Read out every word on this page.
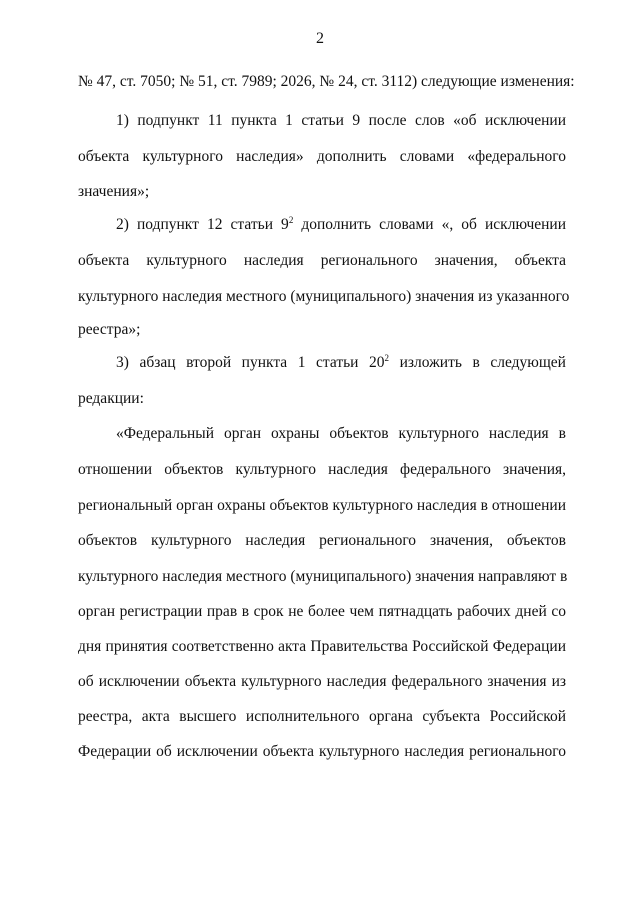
2
№ 47, ст. 7050; № 51, ст. 7989; 2026, № 24, ст. 3112) следующие изменения:
1) подпункт 11 пункта 1 статьи 9 после слов «об исключении
объекта культурного наследия» дополнить словами «федерального
значения»;
2) подпункт 12 статьи $9^2$ дополнить словами «, об исключении
объекта культурного наследия регионального значения, объекта
культурного наследия местного (муниципального) значения из указанного
реестра»;
3) абзац второй пункта 1 статьи $20^2$ изложить в следующей
редакции:
«Федеральный орган охраны объектов культурного наследия в
отношении объектов культурного наследия федерального значения,
региональный орган охраны объектов культурного наследия в отношении
объектов культурного наследия регионального значения, объектов
культурного наследия местного (муниципального) значения направляют в
орган регистрации прав в срок не более чем пятнадцать рабочих дней со
дня принятия соответственно акта Правительства Российской Федерации
об исключении объекта культурного наследия федерального значения из
реестра, акта высшего исполнительного органа субъекта Российской
Федерации об исключении объекта культурного наследия регионального
